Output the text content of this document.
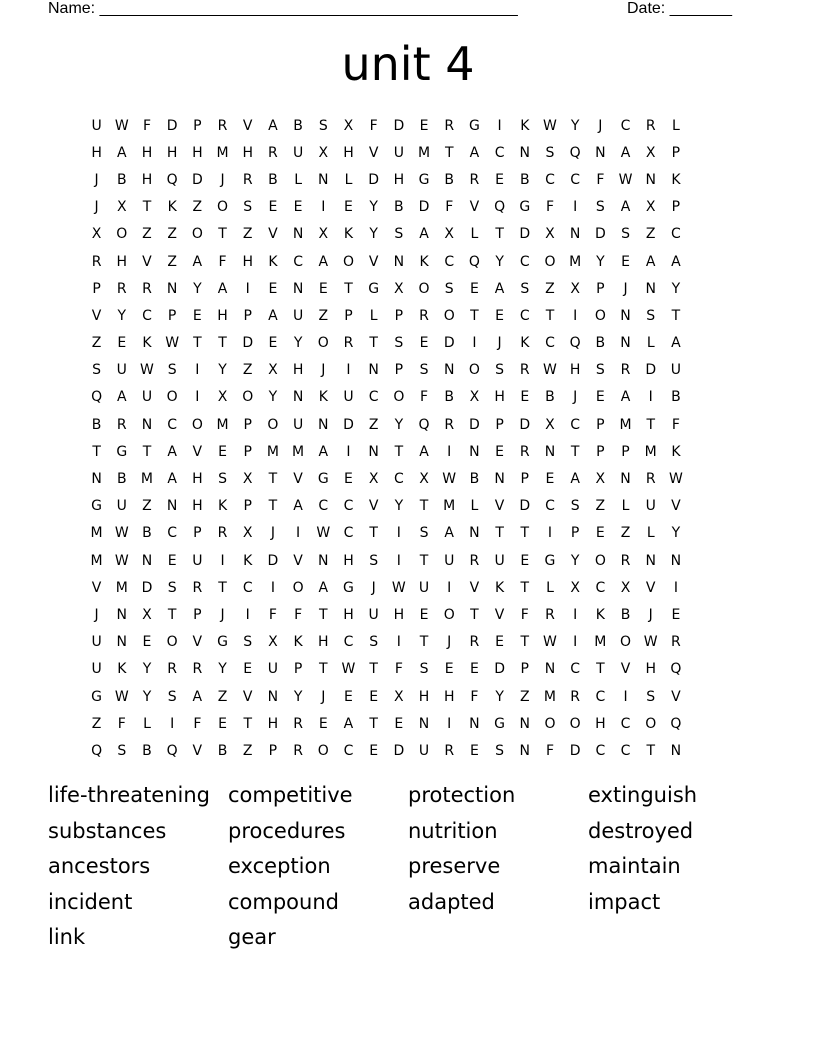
Name: _______________________________________________	Date: _______
unit 4
U W	F	D	P	R	V	A	B	S	X	F	D	E	R	G	I	K W Y	J	C	R	L
H	A	H	H	H M H	R	U	X	H	V	U	M	T	A	C	N	S	Q	N	A	X	P
J	B	H	Q	D	J	R	B	L	N	L	D	H	G	B	R	E	B	C	C	F	W N	K
J	X	T	K	Z	O	S	E	E	I	E	Y	B	D	F	V	Q	G	F	I	S	A	X	P
X	O	Z	Z	O	T	Z	V	N	X	K	Y	S	A	X	L	T	D	X	N	D	S	Z	C
R	H	V	Z	A	F	H	K	C	A	O	V	N	K	C	Q	Y	C	O M	Y	E	A	A
P	R	R	N	Y	A	I	E	N	E	T	G	X	O	S	E	A	S	Z	X	P	J	N	Y
V	Y	C	P	E	H	P	A	U	Z	P	L	P	R	O	T	E	C	T	I	O	N	S	T
Z	E	K W T	T	D	E	Y	O	R	T	S	E	D	I	J	K	C	Q	B	N	L	A
S	U W S	I	Y	Z	X	H	J	I	N	P	S	N	O	S	R W H	S	R	D	U
Q	A	U	O	I	X	O	Y	N	K	U	C	O	F	B	X	H	E	B	J	E	A	I	B
B	R	N	C	O M	P	O	U	N	D	Z	Y	Q	R	D	P	D	X	C	P	M	T	F
T	G	T	A	V	E	P	M M	A	I	N	T	A	I	N	E	R	N	T	P	P	M	K
N	B	M	A	H	S	X	T	V	G	E	X	C	X W B	N	P	E	A	X	N	R W
G	U	Z	N	H	K	P	T	A	C	C	V	Y	T	M	L	V	D	C	S	Z	L	U	V
M W B	C	P	R	X	J	I	W C	T	I	S	A	N	T	T	I	P	E	Z	L	Y
M W N	E	U	I	K	D	V	N	H	S	I	T	U	R	U	E	G	Y	O	R	N	N
V	M D	S	R	T	C	I	O	A	G	J	W U	I	V	K	T	L	X	C	X	V	I
J	N	X	T	P	J	I	F	F	T	H	U	H	E	O	T	V	F	R	I	K	B	J	E
U	N	E	O	V	G	S	X	K	H	C	S	I	T	J	R	E	T W	I	M O W R
U	K	Y	R	R	Y	E	U	P	T W T	F	S	E	E	D	P	N	C	T	V	H	Q
G W Y	S	A	Z	V	N	Y	J	E	E	X	H	H	F	Y	Z	M	R	C	I	S	V
Z	F	L	I	F	E	T	H	R	E	A	T	E	N	I	N	G	N	O	O	H	C	O	Q
Q	S	B	Q	V	B	Z	P	R	O	C	E	D	U	R	E	S	N	F	D	C	C	T	N
life-threatening competitive	protection	extinguish
substances	procedures	nutrition	destroyed
ancestors	exception	preserve	maintain
incident	compound	adapted	impact
link	gear
